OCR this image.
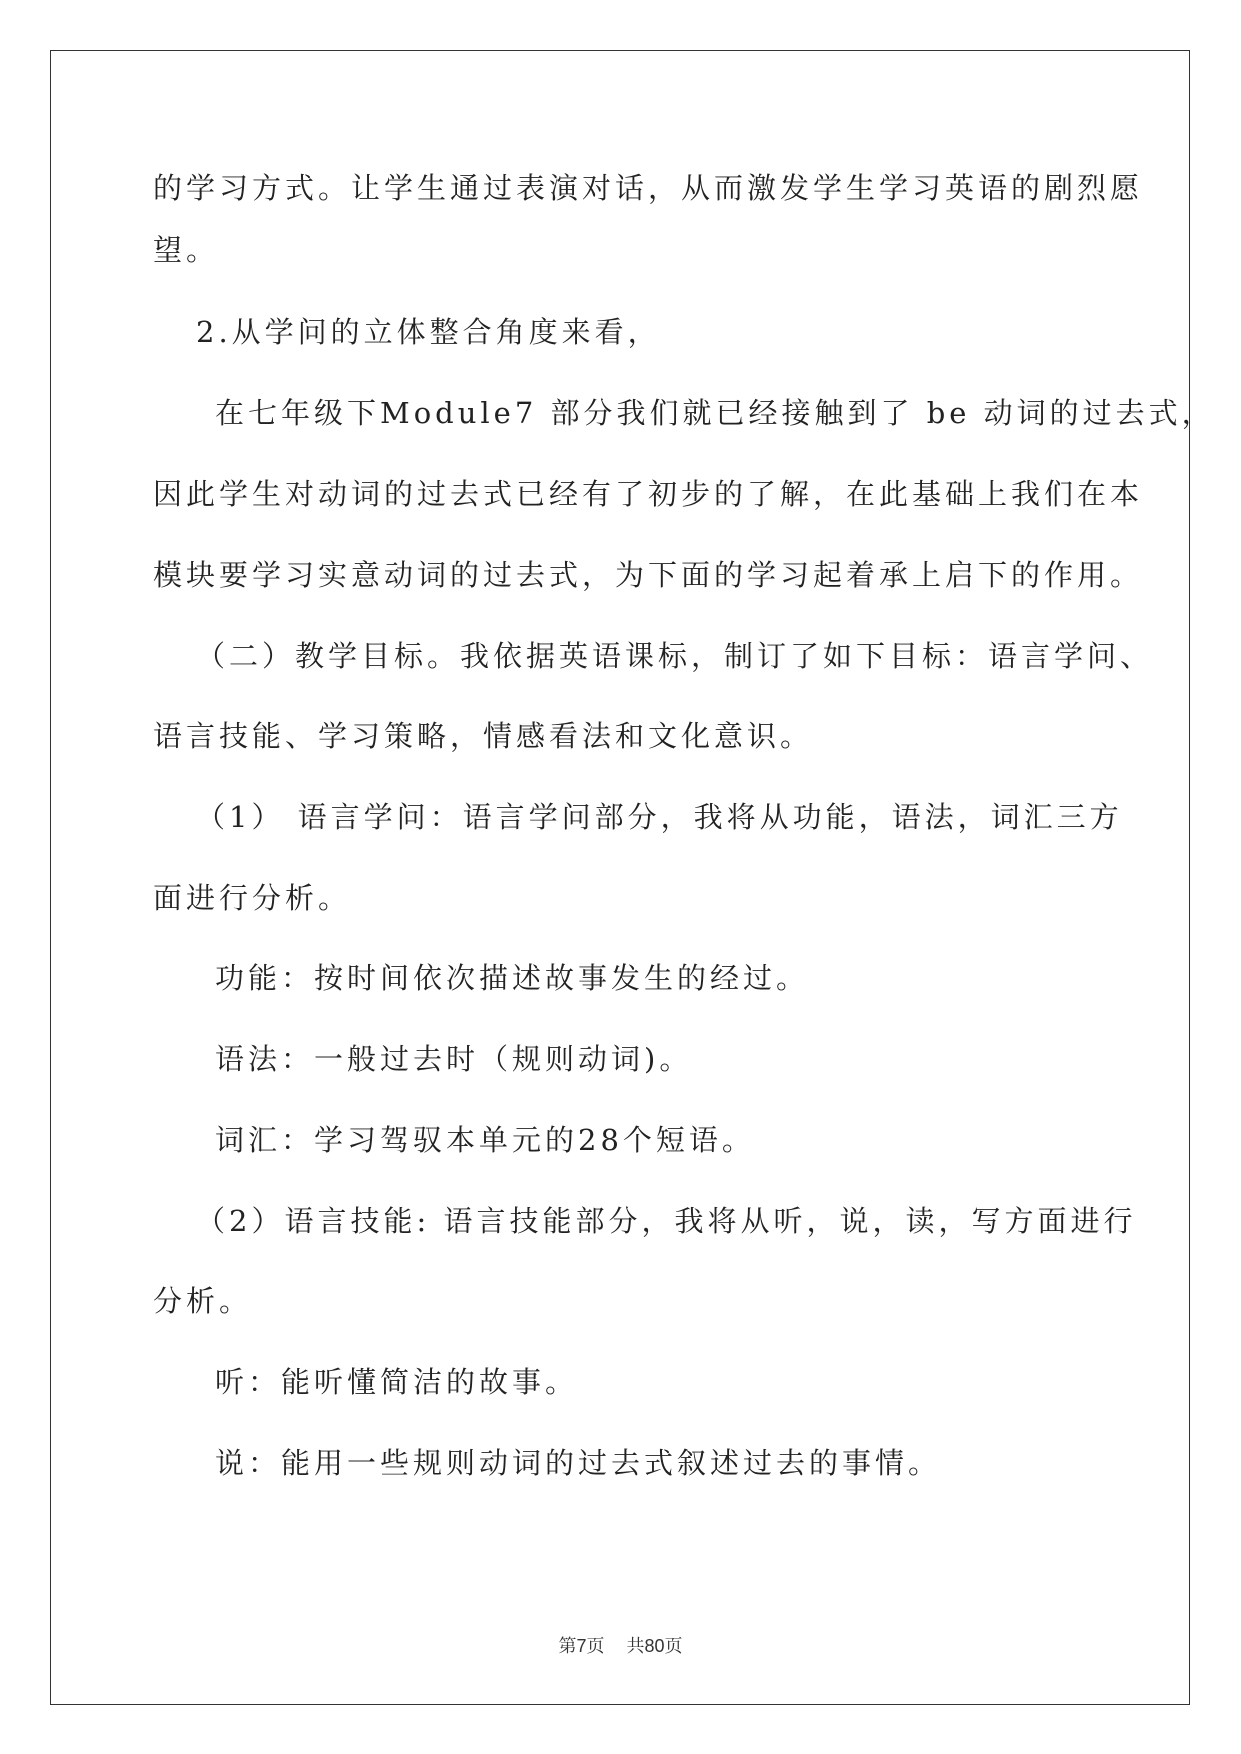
的学习方式。让学生通过表演对话，从而激发学生学习英语的剧烈愿
望。
2.从学问的立体整合角度来看，
在七年级下Module7 部分我们就已经接触到了 be 动词的过去式，
因此学生对动词的过去式已经有了初步的了解，在此基础上我们在本
模块要学习实意动词的过去式，为下面的学习起着承上启下的作用。
（二）教学目标。我依据英语课标，制订了如下目标：语言学问、
语言技能、学习策略，情感看法和文化意识。
（1） 语言学问：语言学问部分，我将从功能，语法，词汇三方
面进行分析。
功能：按时间依次描述故事发生的经过。
语法：一般过去时（规则动词)。
词汇：学习驾驭本单元的28个短语。
（2）语言技能: 语言技能部分，我将从听，说，读，写方面进行
分析。
听：能听懂简洁的故事。
说：能用一些规则动词的过去式叙述过去的事情。
第7页 共80页
